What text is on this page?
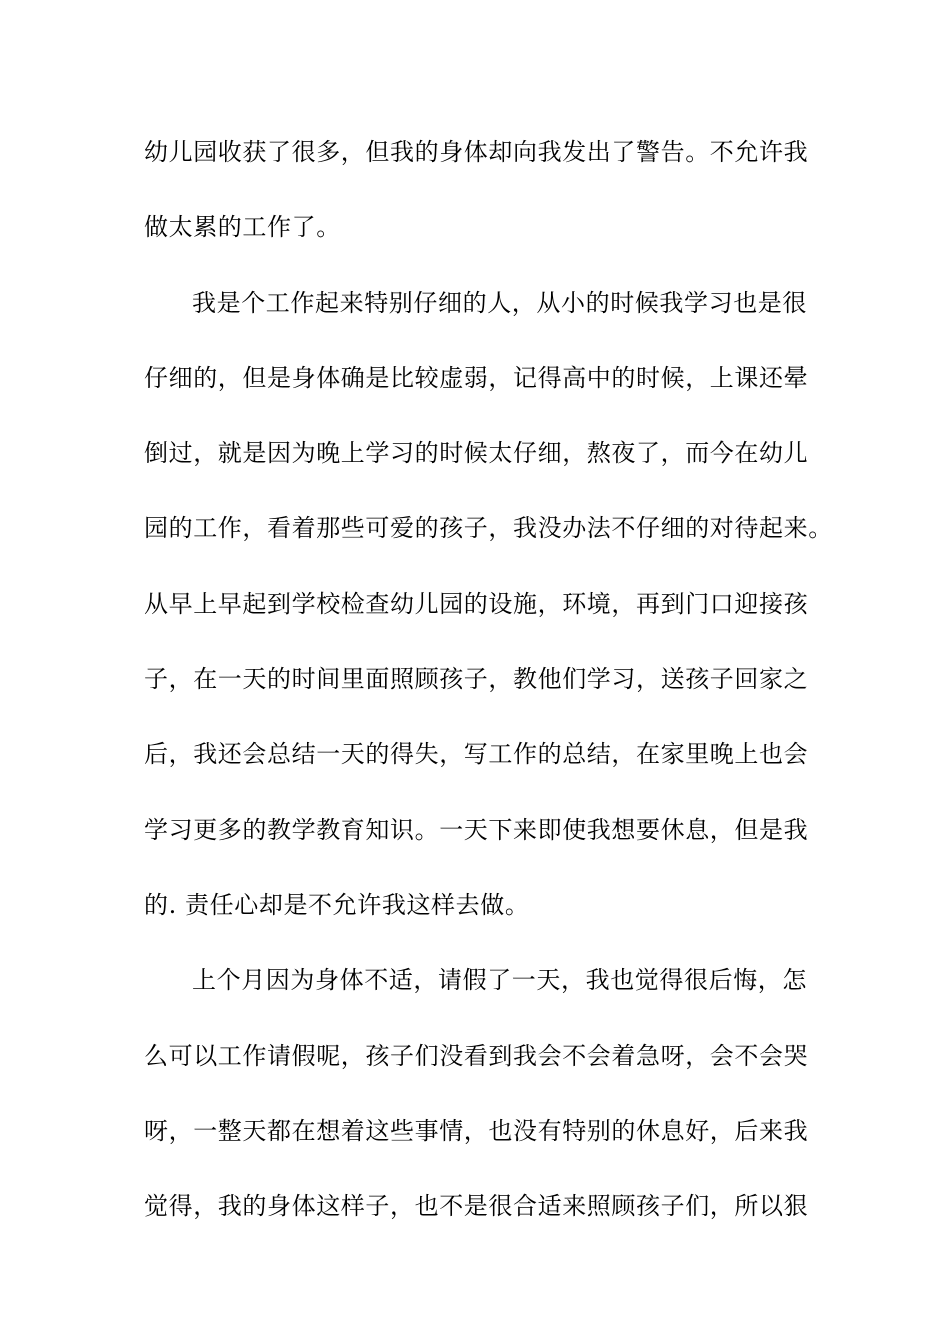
幼儿园收获了很多，但我的身体却向我发出了警告。不允许我
做太累的工作了。
我是个工作起来特别仔细的人，从小的时候我学习也是很
仔细的，但是身体确是比较虚弱，记得高中的时候，上课还晕
倒过，就是因为晚上学习的时候太仔细，熬夜了，而今在幼儿
园的工作，看着那些可爱的孩子，我没办法不仔细的对待起来。
从早上早起到学校检查幼儿园的设施，环境，再到门口迎接孩
子，在一天的时间里面照顾孩子，教他们学习，送孩子回家之
后，我还会总结一天的得失，写工作的总结，在家里晚上也会
学习更多的教学教育知识。一天下来即使我想要休息，但是我
的. 责任心却是不允许我这样去做。
上个月因为身体不适，请假了一天，我也觉得很后悔，怎
么可以工作请假呢，孩子们没看到我会不会着急呀，会不会哭
呀，一整天都在想着这些事情，也没有特别的休息好，后来我
觉得，我的身体这样子，也不是很合适来照顾孩子们，所以狠
